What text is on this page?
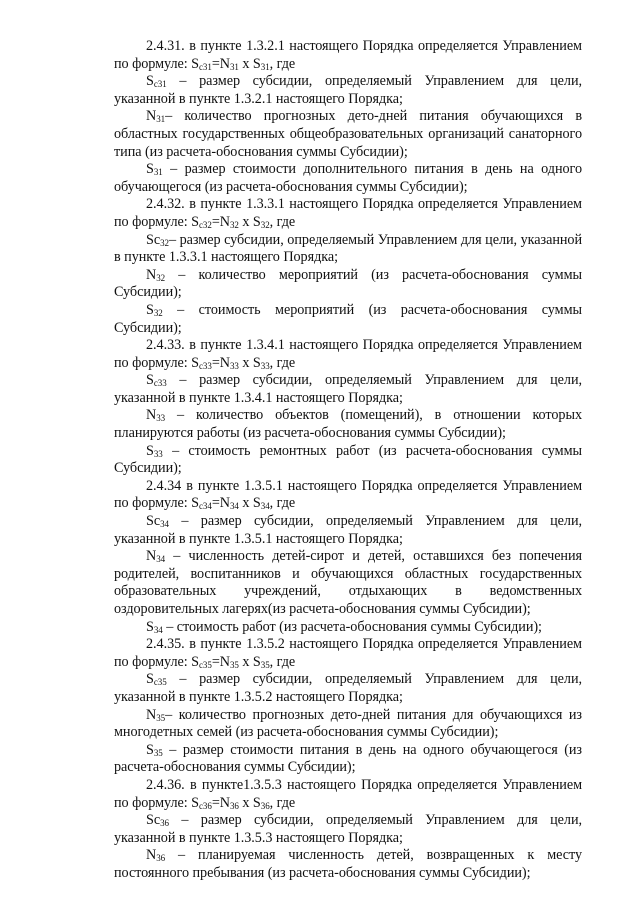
2.4.31. в пункте 1.3.2.1 настоящего Порядка определяется Управлением по формуле: $S_{c31}=N_{31}$ x $S_{31}$, где

$S_{c31}$ – размер субсидии, определяемый Управлением для цели, указанной в пункте 1.3.2.1 настоящего Порядка;

$N_{31}-$ количество прогнозных дето-дней питания обучающихся в областных государственных общеобразовательных организаций санаторного типа (из расчета-обоснования суммы Субсидии);

$S_{31}$ – размер стоимости дополнительного питания в день на одного обучающегося (из расчета-обоснования суммы Субсидии);

2.4.32. в пункте 1.3.3.1 настоящего Порядка определяется Управлением по формуле: $S_{c32}=N_{32}$ x $S_{32}$, где

$Sc_{32}-$ размер субсидии, определяемый Управлением для цели, указанной в пункте 1.3.3.1 настоящего Порядка;

$N_{32}$ – количество мероприятий (из расчета-обоснования суммы Субсидии);

$S_{32}$ – стоимость мероприятий (из расчета-обоснования суммы Субсидии);

2.4.33. в пункте 1.3.4.1 настоящего Порядка определяется Управлением по формуле: $S_{c33}=N_{33}$ x $S_{33}$, где

$S_{c33}$ – размер субсидии, определяемый Управлением для цели, указанной в пункте 1.3.4.1 настоящего Порядка;

$N_{33}$ – количество объектов (помещений), в отношении которых планируются работы (из расчета-обоснования суммы Субсидии);

$S_{33}$ – стоимость ремонтных работ (из расчета-обоснования суммы Субсидии);

2.4.34 в пункте 1.3.5.1 настоящего Порядка определяется Управлением по формуле: $S_{c34}=N_{34}$ x $S_{34}$, где

$Sc_{34}$ – размер субсидии, определяемый Управлением для цели, указанной в пункте 1.3.5.1 настоящего Порядка;

$N_{34}$ – численность детей-сирот и детей, оставшихся без попечения родителей, воспитанников и обучающихся областных государственных образовательных учреждений, отдыхающих в ведомственных оздоровительных лагерях(из расчета-обоснования суммы Субсидии);

$S_{34}$ – стоимость работ (из расчета-обоснования суммы Субсидии);

2.4.35. в пункте 1.3.5.2 настоящего Порядка определяется Управлением по формуле: $S_{c35}=N_{35}$ x $S_{35}$, где

$S_{c35}$ – размер субсидии, определяемый Управлением для цели, указанной в пункте 1.3.5.2 настоящего Порядка;

$N_{35}-$ количество прогнозных дето-дней питания для обучающихся из многодетных семей (из расчета-обоснования суммы Субсидии);

$S_{35}$ – размер стоимости питания в день на одного обучающегося (из расчета-обоснования суммы Субсидии);

2.4.36. в пункте1.3.5.3 настоящего Порядка определяется Управлением по формуле: $S_{c36}=N_{36}$ x $S_{36}$, где

$Sc_{36}$ – размер субсидии, определяемый Управлением для цели, указанной в пункте 1.3.5.3 настоящего Порядка;

$N_{36}$ – планируемая численность детей, возвращенных к месту постоянного пребывания (из расчета-обоснования суммы Субсидии);
